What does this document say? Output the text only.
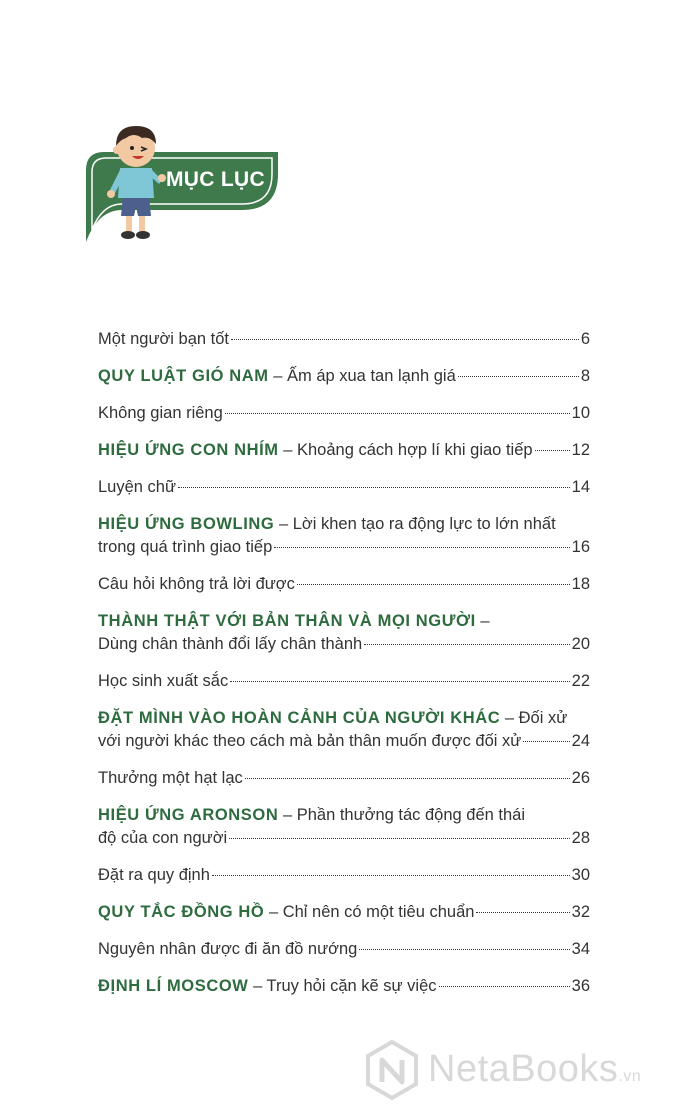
MỤC LỤC
Một người bạn tốt	6
QUY LUẬT GIÓ NAM – Ấm áp xua tan lạnh giá	8
Không gian riêng	10
HIỆU ỨNG CON NHÍM – Khoảng cách hợp lí khi giao tiếp 12
Luyện chữ	14
HIỆU ỨNG BOWLING – Lời khen tạo ra động lực to lớn nhất
trong quá trình giao tiếp	16
Câu hỏi không trả lời được	18
THÀNH THẬT VỚI BẢN THÂN VÀ MỌI NGƯỜI –
Dùng chân thành đổi lấy chân thành	20
Học sinh xuất sắc	22
ĐẶT MÌNH VÀO HOÀN CẢNH CỦA NGƯỜI KHÁC – Đối xử
với người khác theo cách mà bản thân muốn được đối xử	24
Thưởng một hạt lạc	26
HIỆU ỨNG ARONSON – Phần thưởng tác động đến thái
độ của con người	28
Đặt ra quy định	30
QUY TẮC ĐỒNG HỒ – Chỉ nên có một tiêu chuẩn	32
Nguyên nhân được đi ăn đồ nướng	34
ĐỊNH LÍ MOSCOW – Truy hỏi cặn kẽ sự việc	36
NetaBooks.vn
